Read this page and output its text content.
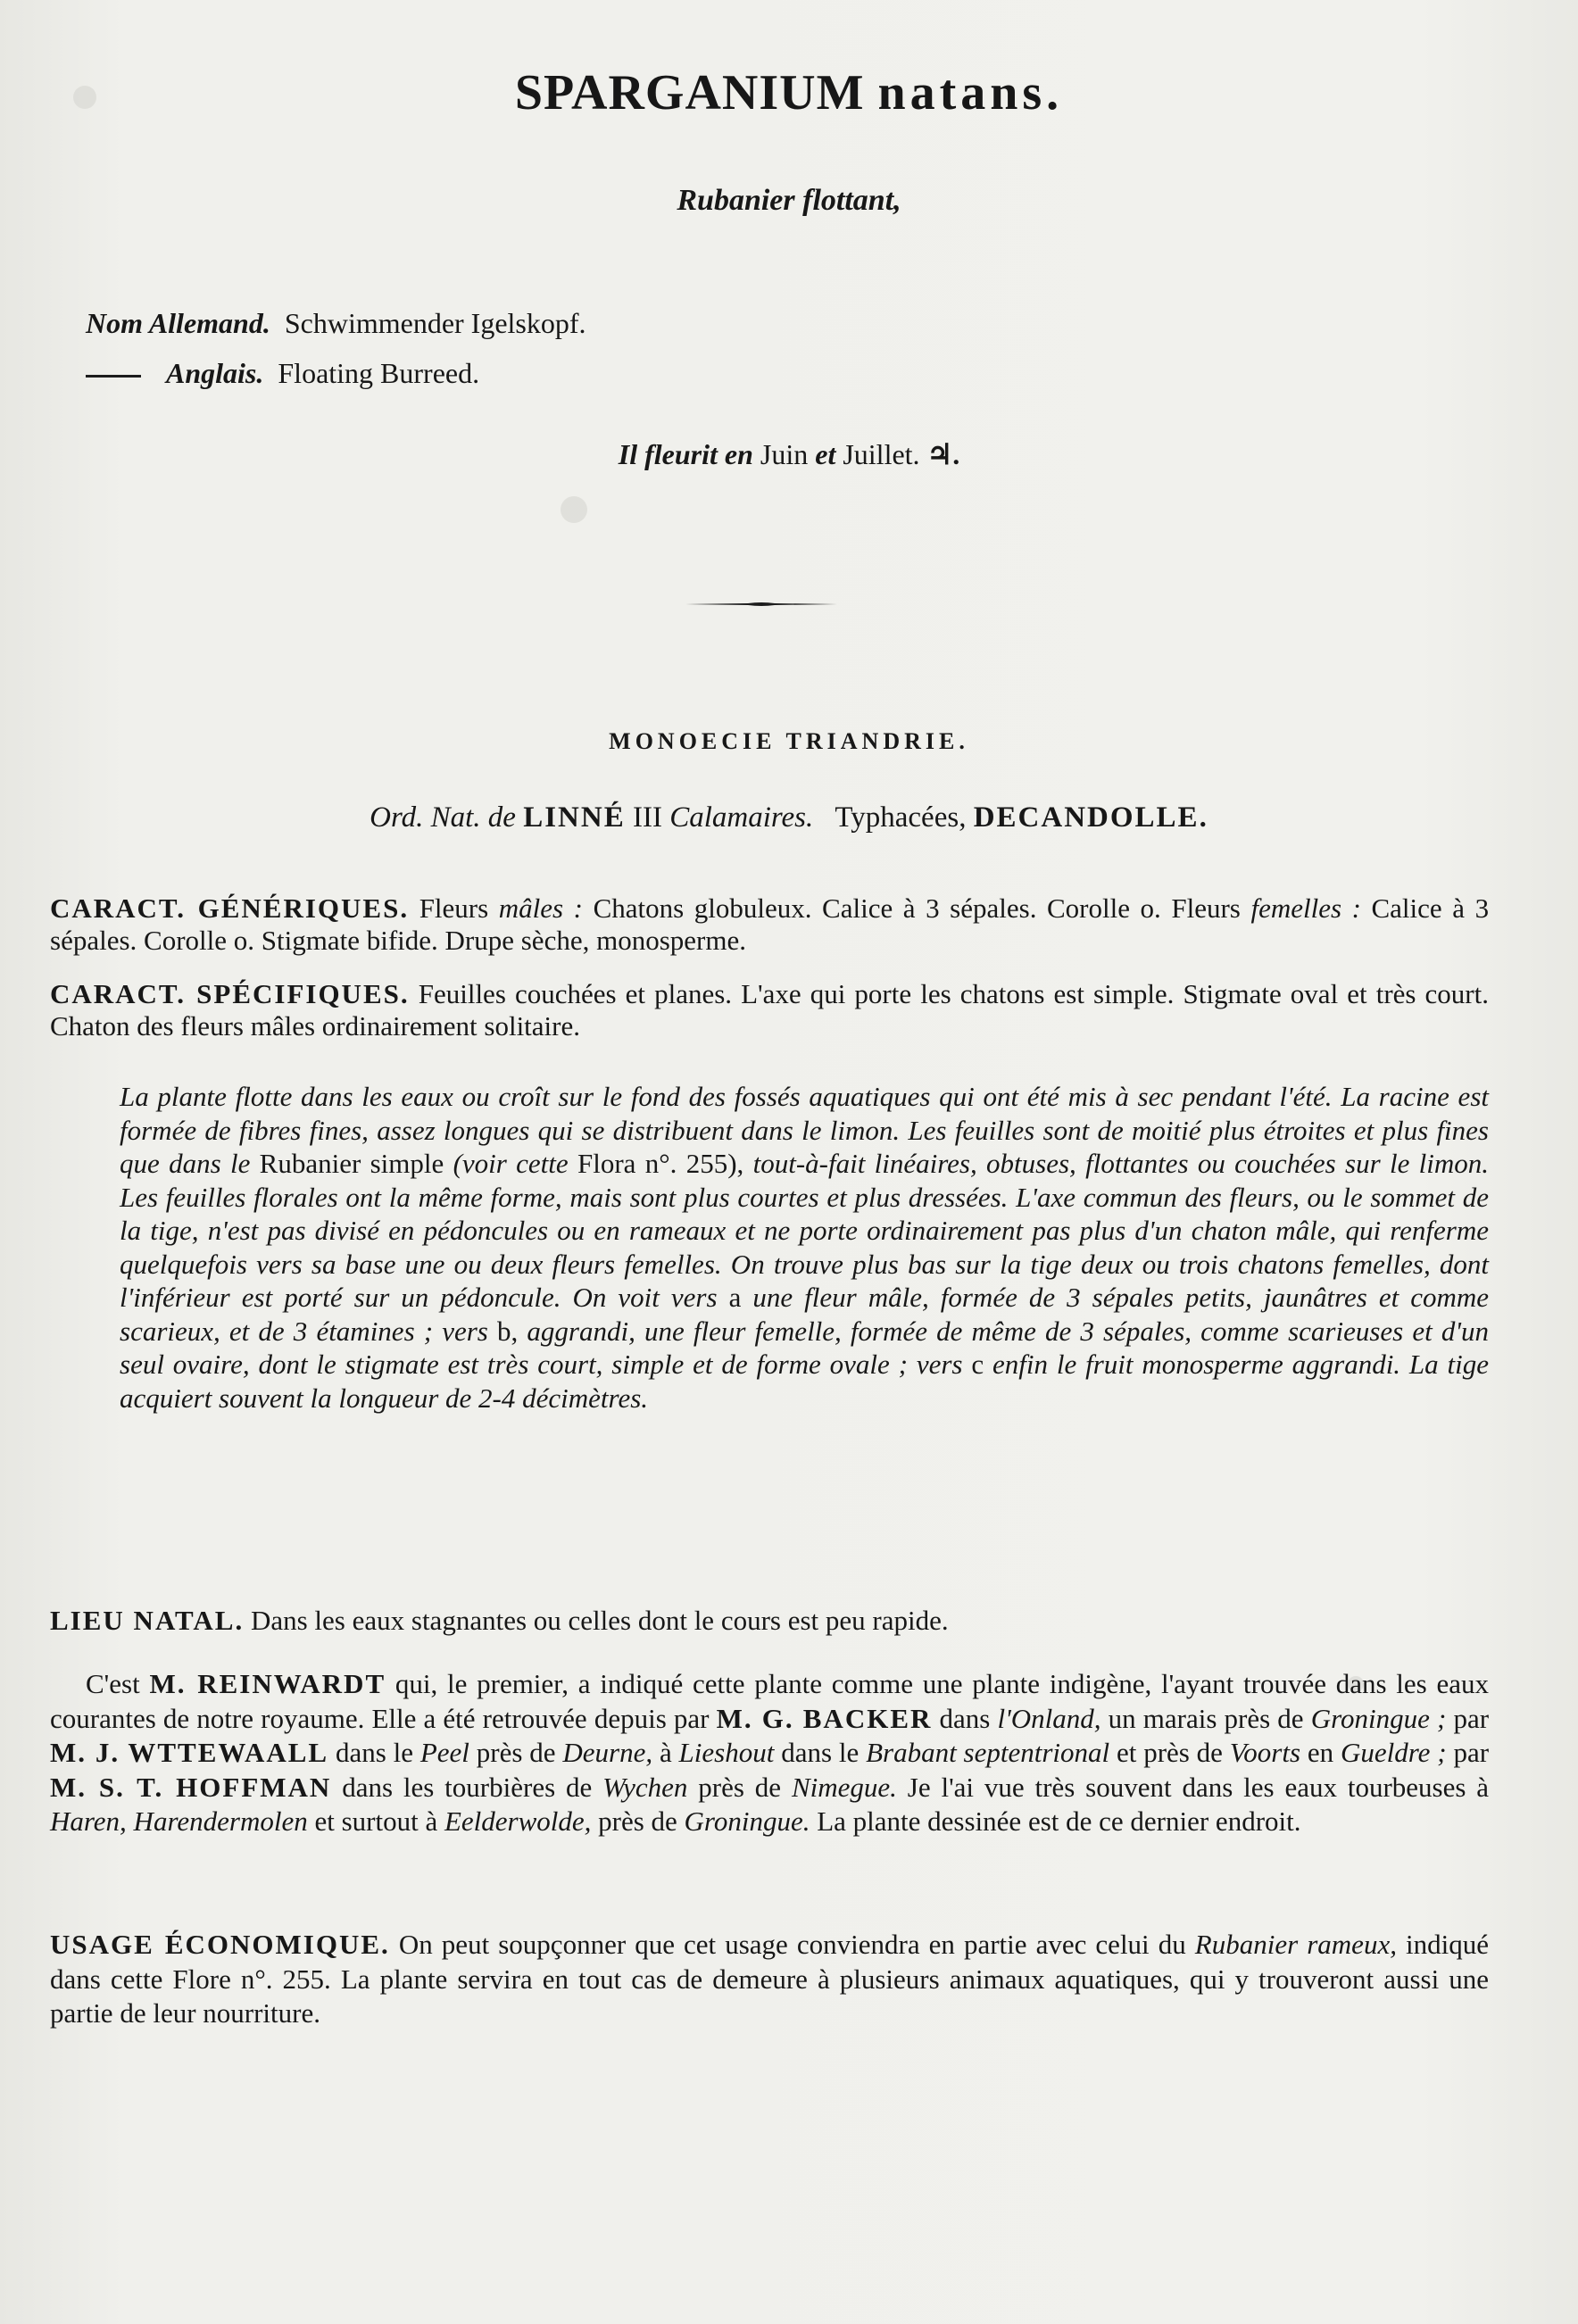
SPARGANIUM natans.
Rubanier flottant,
Nom Allemand. Schwimmender Igelskopf.
Anglais. Floating Burreed.
Il fleurit en Juin et Juillet. ♃.
MONOECIE TRIANDRIE.
Ord. Nat. de LINNÉ III Calamaires. Typhacées, DECANDOLLE.
CARACT. GÉNÉRIQUES. Fleurs mâles : Chatons globuleux. Calice à 3 sépales. Corolle o. Fleurs femelles : Calice à 3 sépales. Corolle o. Stigmate bifide. Drupe sèche, monosperme.
CARACT. SPÉCIFIQUES. Feuilles couchées et planes. L'axe qui porte les chatons est simple. Stigmate oval et très court. Chaton des fleurs mâles ordinairement solitaire.
La plante flotte dans les eaux ou croît sur le fond des fossés aquatiques qui ont été mis à sec pendant l'été. La racine est formée de fibres fines, assez longues qui se distribuent dans le limon. Les feuilles sont de moitié plus étroites et plus fines que dans le Rubanier simple (voir cette Flora n°. 255), tout-à-fait linéaires, obtuses, flottantes ou couchées sur le limon. Les feuilles florales ont la même forme, mais sont plus courtes et plus dressées. L'axe commun des fleurs, ou le sommet de la tige, n'est pas divisé en pédoncules ou en rameaux et ne porte ordinairement pas plus d'un chaton mâle, qui renferme quelquefois vers sa base une ou deux fleurs femelles. On trouve plus bas sur la tige deux ou trois chatons femelles, dont l'inférieur est porté sur un pédoncule. On voit vers a une fleur mâle, formée de 3 sépales petits, jaunâtres et comme scarieux, et de 3 étamines ; vers b, aggrandi, une fleur femelle, formée de même de 3 sépales, comme scarieuses et d'un seul ovaire, dont le stigmate est très court, simple et de forme ovale ; vers c enfin le fruit monosperme aggrandi. La tige acquiert souvent la longueur de 2-4 décimètres.
LIEU NATAL. Dans les eaux stagnantes ou celles dont le cours est peu rapide.
C'est M. REINWARDT qui, le premier, a indiqué cette plante comme une plante indigène, l'ayant trouvée dans les eaux courantes de notre royaume. Elle a été retrouvée depuis par M. G. BACKER dans l'Onland, un marais près de Groningue ; par M. J. WTTEWAALL dans le Peel près de Deurne, à Lieshout dans le Brabant septentrional et près de Voorts en Gueldre ; par M. S. T. HOFFMAN dans les tourbières de Wychen près de Nimegue. Je l'ai vue très souvent dans les eaux tourbeuses à Haren, Harendermolen et surtout à Eelderwolde, près de Groningue. La plante dessinée est de ce dernier endroit.
USAGE ÉCONOMIQUE. On peut soupçonner que cet usage conviendra en partie avec celui du Rubanier rameux, indiqué dans cette Flore n°. 255. La plante servira en tout cas de demeure à plusieurs animaux aquatiques, qui y trouveront aussi une partie de leur nourriture.
